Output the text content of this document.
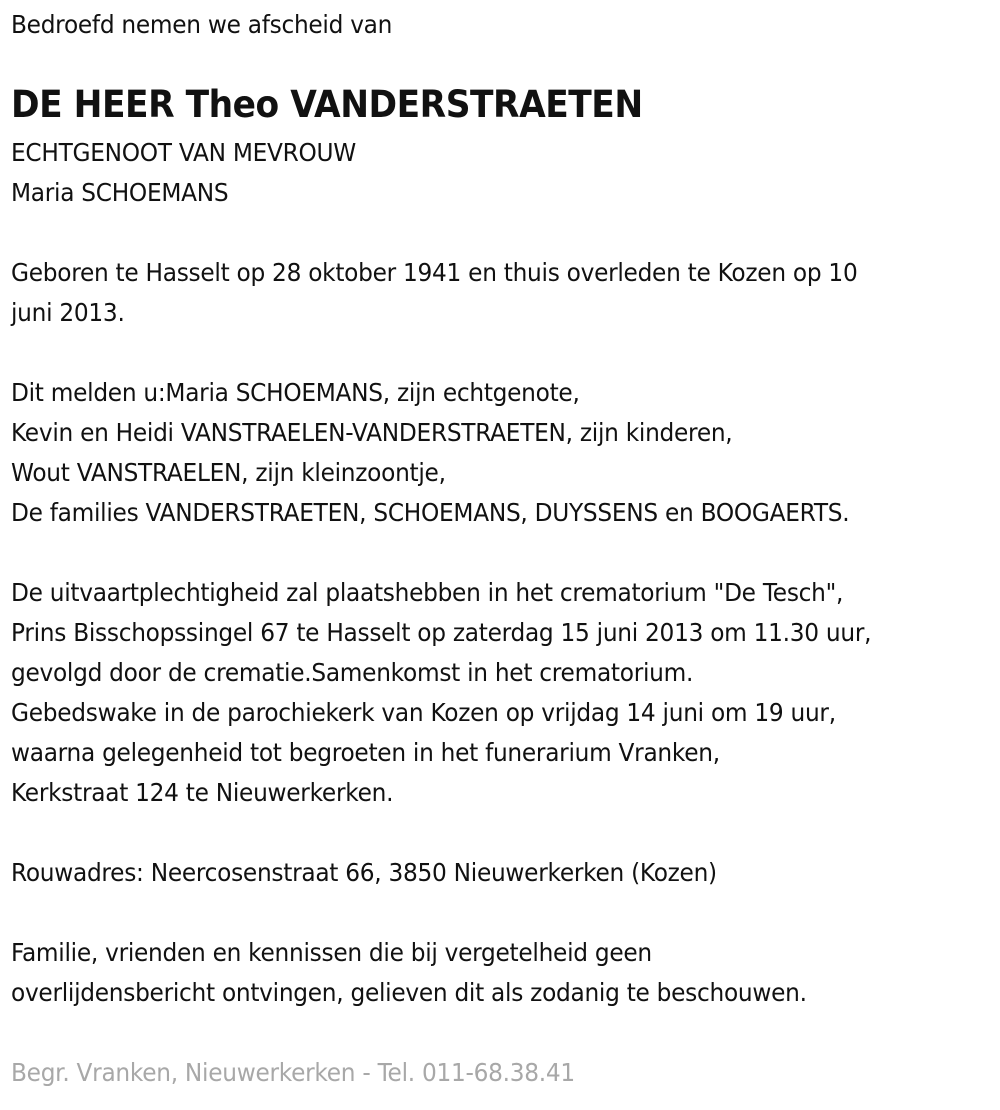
Bedroefd nemen we afscheid van
DE HEER Theo VANDERSTRAETEN
ECHTGENOOT VAN MEVROUW
Maria SCHOEMANS
Geboren te Hasselt op 28 oktober 1941 en thuis overleden te Kozen op 10
juni 2013.
Dit melden u:Maria SCHOEMANS, zijn echtgenote,
Kevin en Heidi VANSTRAELEN-VANDERSTRAETEN, zijn kinderen,
Wout VANSTRAELEN, zijn kleinzoontje,
De families VANDERSTRAETEN, SCHOEMANS, DUYSSENS en BOOGAERTS.
De uitvaartplechtigheid zal plaatshebben in het crematorium "De Tesch",
Prins Bisschopssingel 67 te Hasselt op zaterdag 15 juni 2013 om 11.30 uur,
gevolgd door de crematie.Samenkomst in het crematorium.
Gebedswake in de parochiekerk van Kozen op vrijdag 14 juni om 19 uur,
waarna gelegenheid tot begroeten in het funerarium Vranken,
Kerkstraat 124 te Nieuwerkerken.
Rouwadres: Neercosenstraat 66, 3850 Nieuwerkerken (Kozen)
Familie, vrienden en kennissen die bij vergetelheid geen
overlijdensbericht ontvingen, gelieven dit als zodanig te beschouwen.
Begr. Vranken, Nieuwerkerken - Tel. 011-68.38.41
